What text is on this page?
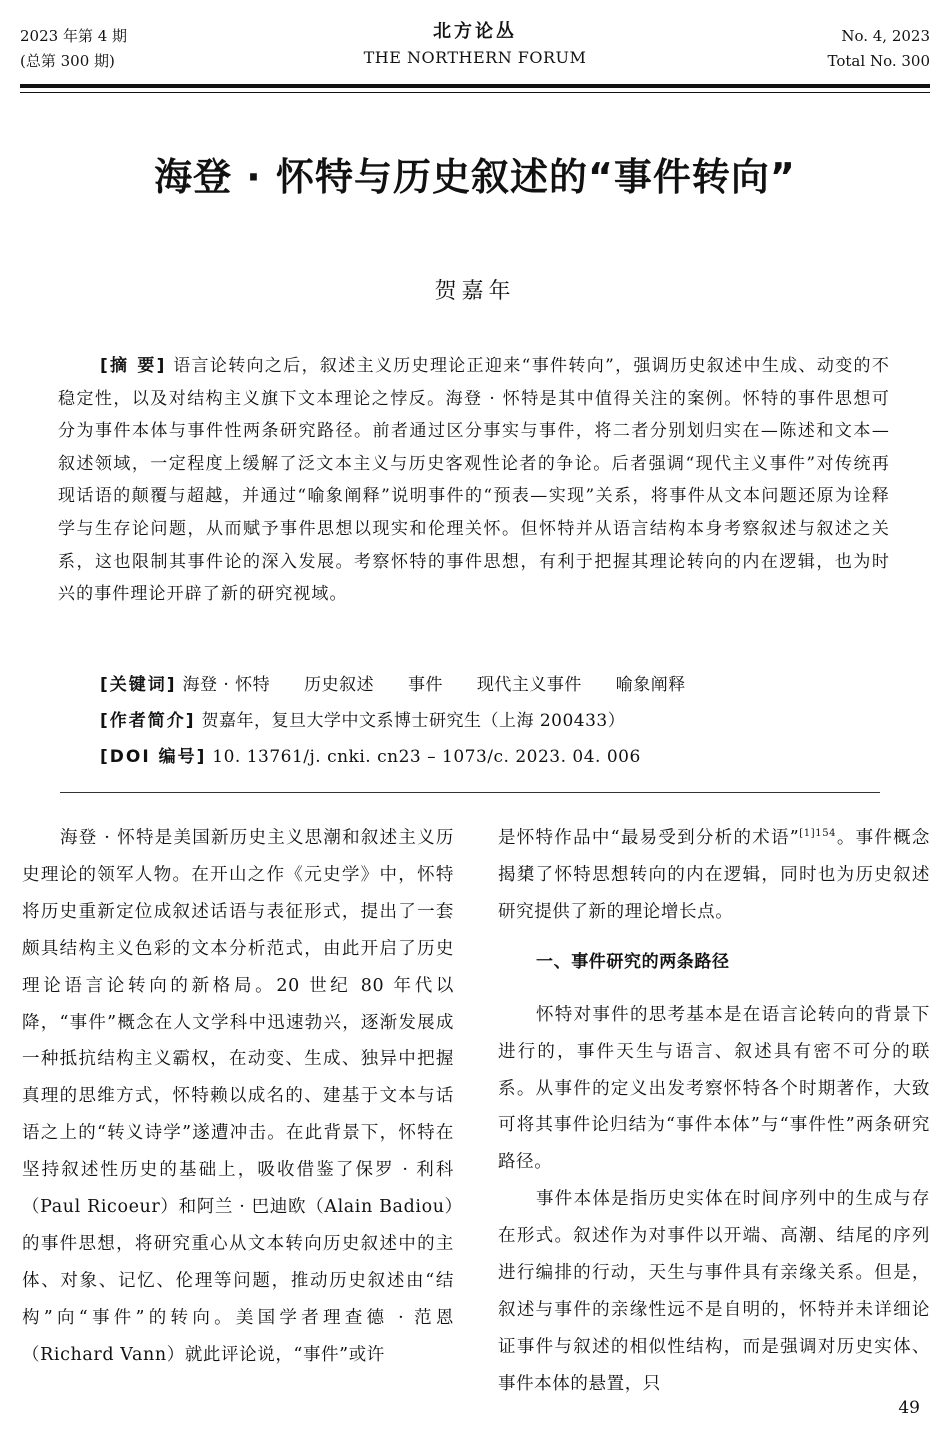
2023 年第 4 期
(总第 300 期)
北方论丛
THE NORTHERN FORUM
No. 4, 2023
Total No. 300
海登 · 怀特与历史叙述的“事件转向”
贺嘉年

[摘 要] 语言论转向之后，叙述主义历史理论正迎来“事件转向”，强调历史叙述中生成、动变的不稳定性，以及对结构主义旗下文本理论之悖反。海登 · 怀特是其中值得关注的案例。怀特的事件思想可分为事件本体与事件性两条研究路径。前者通过区分事实与事件，将二者分别划归实在—陈述和文本—叙述领域，一定程度上缓解了泛文本主义与历史客观性论者的争论。后者强调“现代主义事件”对传统再现话语的颠覆与超越，并通过“喻象阐释”说明事件的“预表—实现”关系，将事件从文本问题还原为诠释学与生存论问题，从而赋予事件思想以现实和伦理关怀。但怀特并从语言结构本身考察叙述与叙述之关系，这也限制其事件论的深入发展。考察怀特的事件思想，有利于把握其理论转向的内在逻辑，也为时兴的事件理论开辟了新的研究视域。

[关键词] 海登 · 怀特 历史叙述 事件 现代主义事件 喻象阐释
[作者简介] 贺嘉年，复旦大学中文系博士研究生（上海 200433）
[DOI 编号] 10. 13761/j. cnki. cn23 – 1073/c. 2023. 04. 006

海登 · 怀特是美国新历史主义思潮和叙述主义历史理论的领军人物。在开山之作《元史学》中，怀特将历史重新定位成叙述话语与表征形式，提出了一套颇具结构主义色彩的文本分析范式，由此开启了历史理论语言论转向的新格局。20 世纪 80 年代以降，“事件”概念在人文学科中迅速勃兴，逐渐发展成一种抵抗结构主义霸权，在动变、生成、独异中把握真理的思维方式，怀特赖以成名的、建基于文本与话语之上的“转义诗学”遂遭冲击。在此背景下，怀特在坚持叙述性历史的基础上，吸收借鉴了保罗 · 利科（Paul Ricoeur）和阿兰 · 巴迪欧（Alain Badiou）的事件思想，将研究重心从文本转向历史叙述中的主体、对象、记忆、伦理等问题，推动历史叙述由“结构”向“事件”的转向。美国学者理查德 · 范恩（Richard Vann）就此评论说，“事件”或许

是怀特作品中“最易受到分析的术语”$^{[1]154}$。事件概念揭橥了怀特思想转向的内在逻辑，同时也为历史叙述研究提供了新的理论增长点。

一、事件研究的两条路径

怀特对事件的思考基本是在语言论转向的背景下进行的，事件天生与语言、叙述具有密不可分的联系。从事件的定义出发考察怀特各个时期著作，大致可将其事件论归结为“事件本体”与“事件性”两条研究路径。

事件本体是指历史实体在时间序列中的生成与存在形式。叙述作为对事件以开端、高潮、结尾的序列进行编排的行动，天生与事件具有亲缘关系。但是，叙述与事件的亲缘性远不是自明的，怀特并未详细论证事件与叙述的相似性结构，而是强调对历史实体、事件本体的悬置，只

49
